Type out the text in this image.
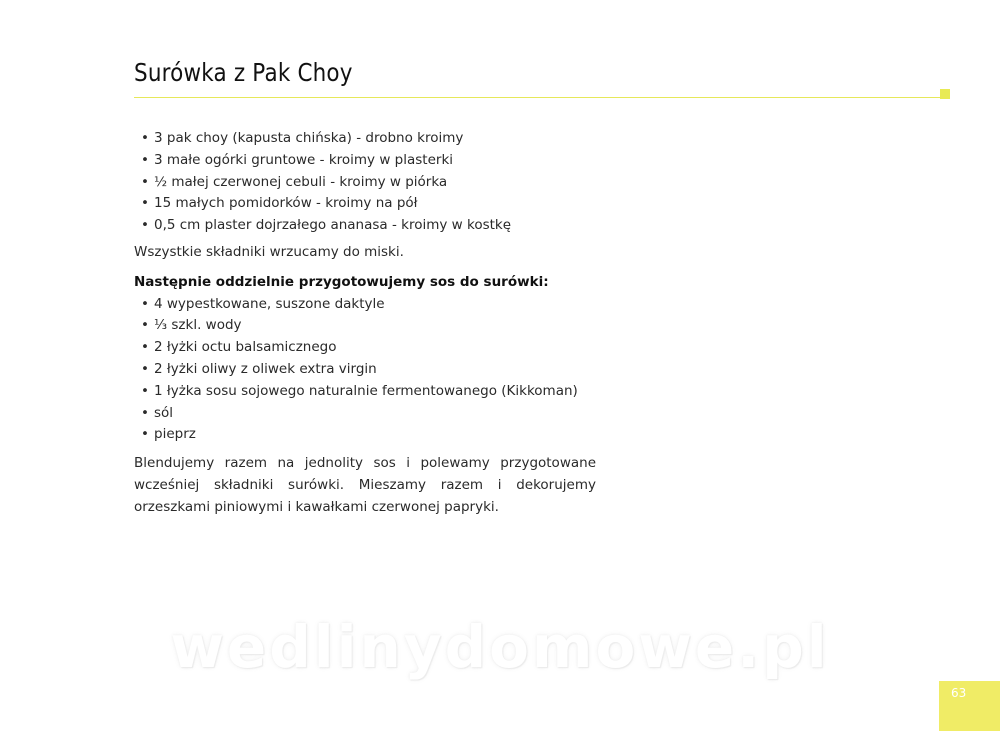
Surówka z Pak Choy
• 3 pak choy (kapusta chińska) - drobno kroimy
• 3 małe ogórki gruntowe - kroimy w plasterki
• ½ małej czerwonej cebuli - kroimy w piórka
• 15 małych pomidorków - kroimy na pół
• 0,5 cm plaster dojrzałego ananasa - kroimy w kostkę

Wszystkie składniki wrzucamy do miski.

Następnie oddzielnie przygotowujemy sos do surówki:

• 4 wypestkowane, suszone daktyle
• ⅓ szkl. wody
• 2 łyżki octu balsamicznego
• 2 łyżki oliwy z oliwek extra virgin
• 1 łyżka sosu sojowego naturalnie fermentowanego (Kikkoman)
• sól
• pieprz

Blendujemy razem na jednolity sos i polewamy przygotowane wcześniej składniki surówki. Mieszamy razem i dekorujemy orzeszkami piniowymi i kawałkami czerwonej papryki.

wedlinydomowe.pl
63
